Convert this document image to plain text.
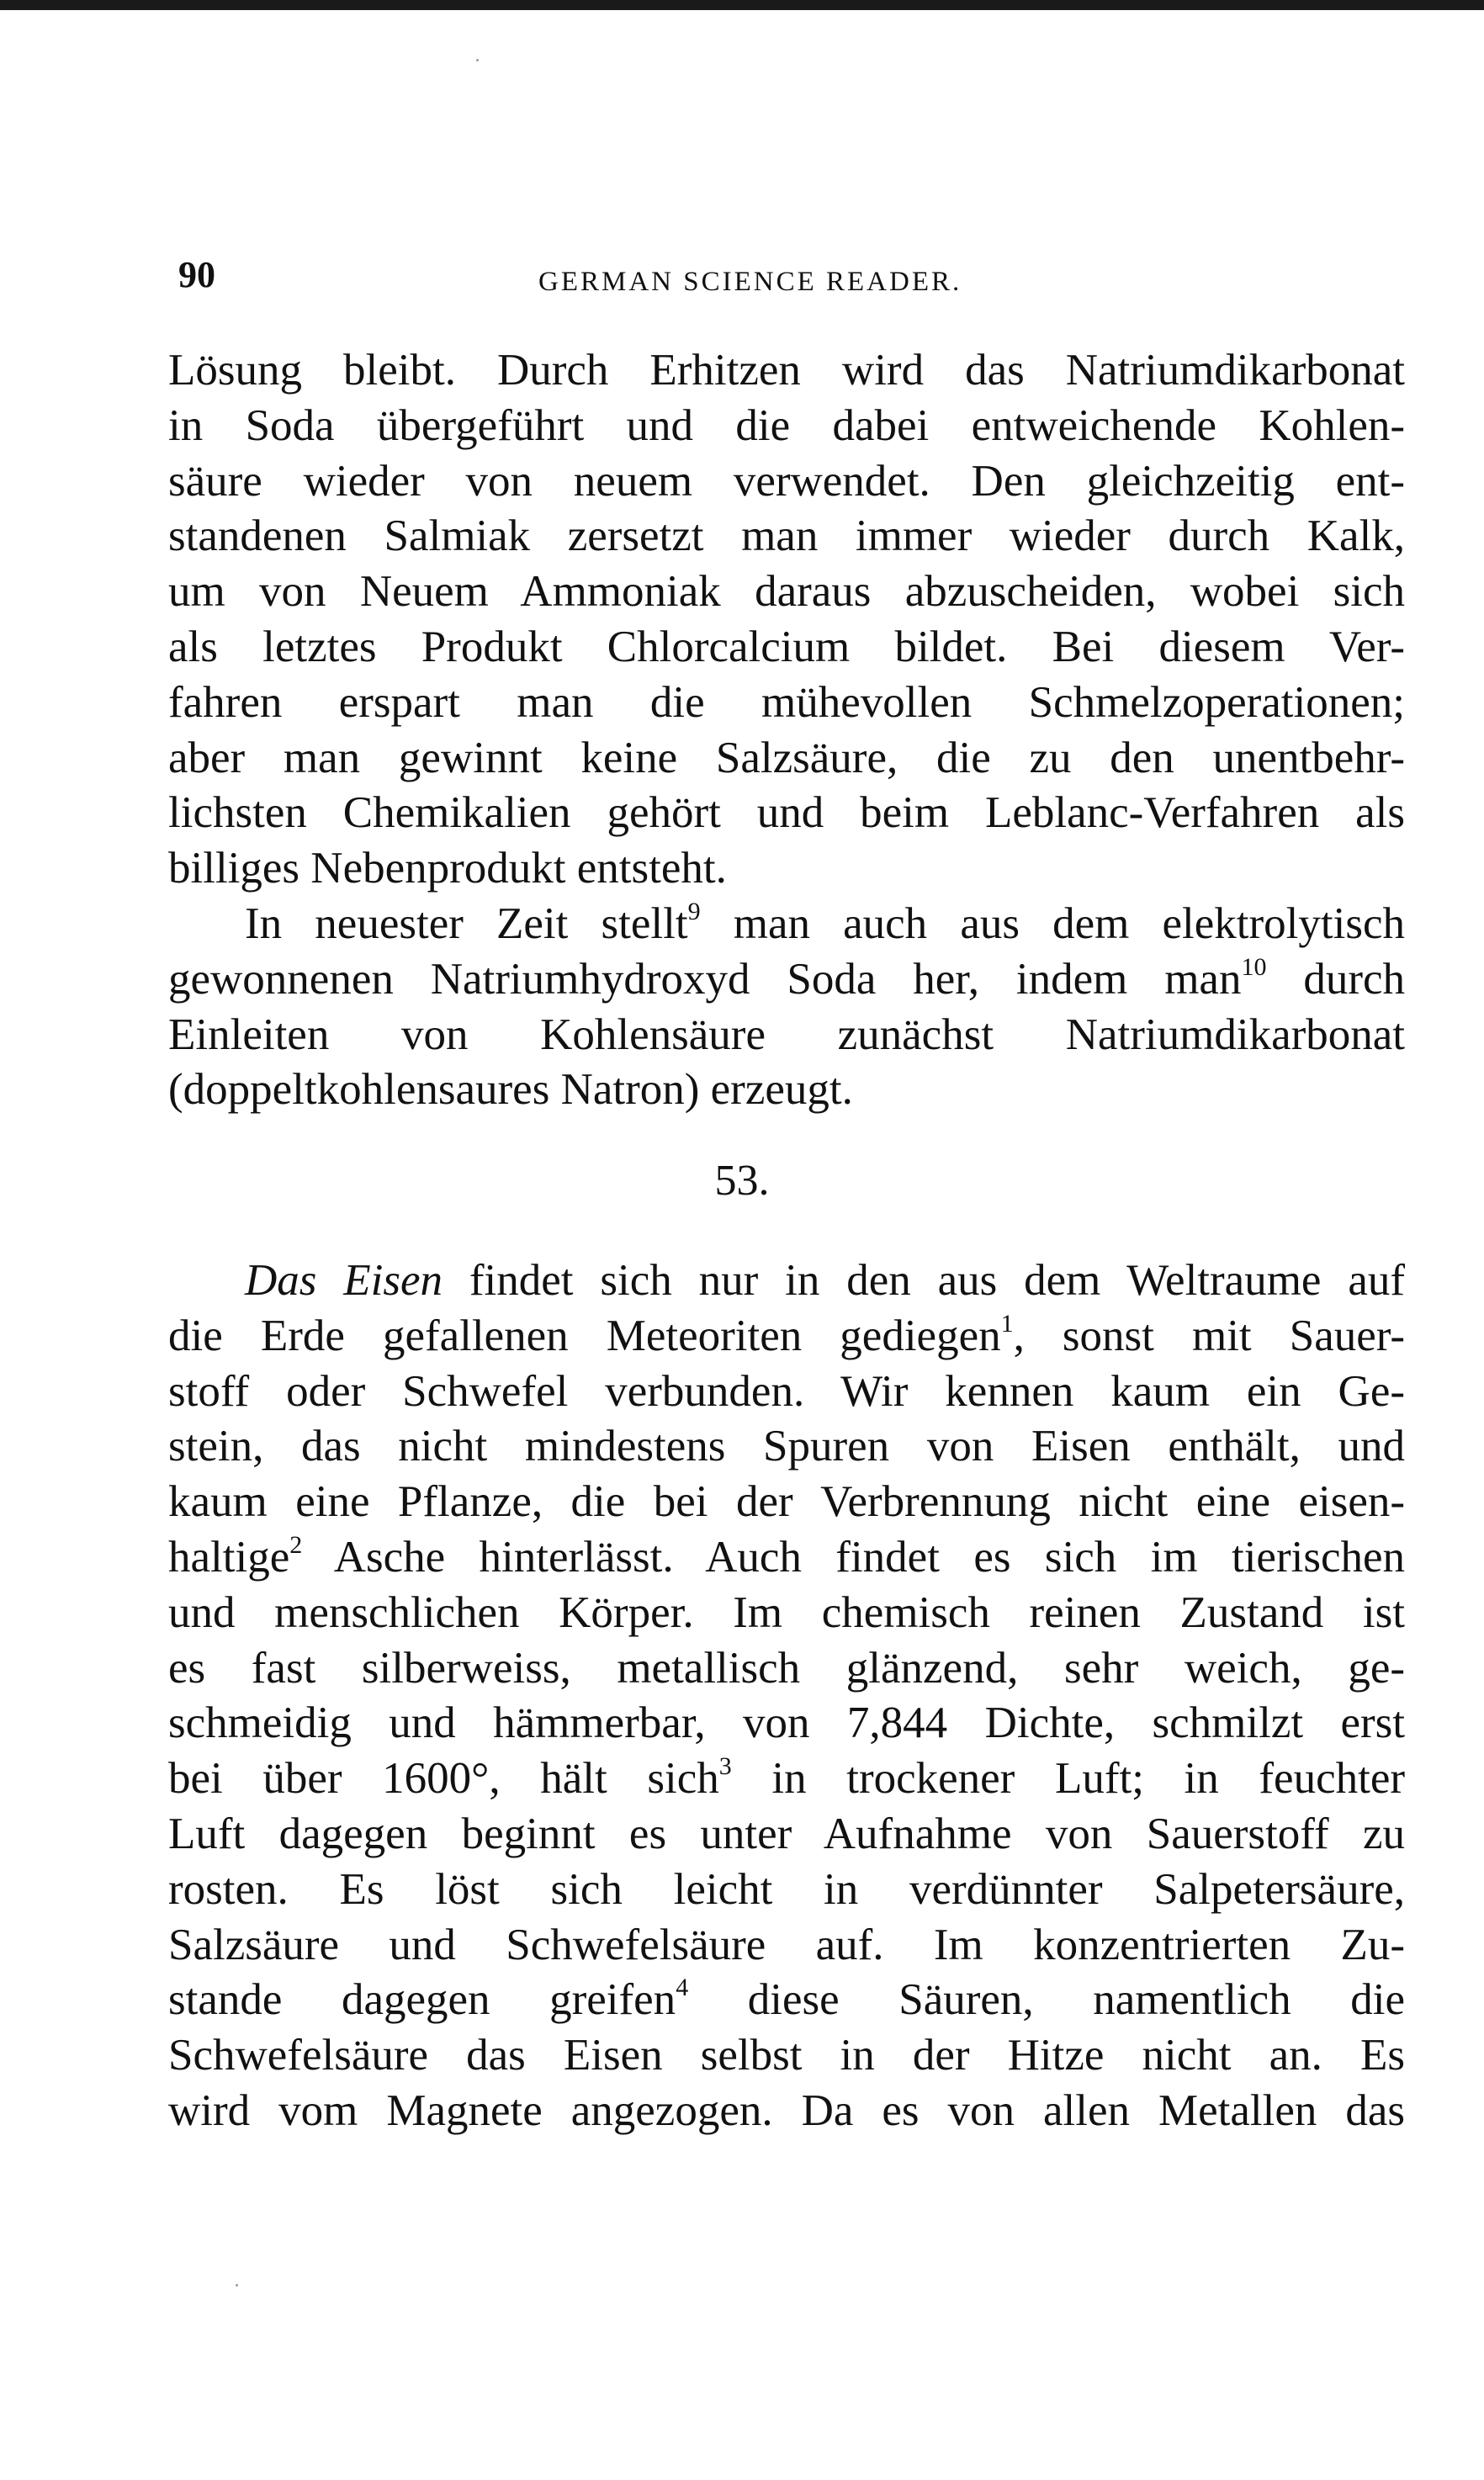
90	GERMAN SCIENCE READER.
Lösung bleibt. Durch Erhitzen wird das Natriumdikarbonat
in Soda übergeführt und die dabei entweichende Kohlen-
säure wieder von neuem verwendet. Den gleichzeitig ent-
standenen Salmiak zersetzt man immer wieder durch Kalk,
um von Neuem Ammoniak daraus abzuscheiden, wobei sich
als letztes Produkt Chlorcalcium bildet. Bei diesem Ver-
fahren erspart man die mühevollen Schmelzoperationen;
aber man gewinnt keine Salzsäure, die zu den unentbehr-
lichsten Chemikalien gehört und beim Leblanc-Verfahren als
billiges Nebenprodukt entsteht.
In neuester Zeit stellt$^9$ man auch aus dem elektrolytisch
gewonnenen Natriumhydroxyd Soda her, indem man$^{10}$ durch
Einleiten von Kohlensäure zunächst Natriumdikarbonat
(doppeltkohlensaures Natron) erzeugt.
53.
Das Eisen findet sich nur in den aus dem Weltraume auf
die Erde gefallenen Meteoriten gediegen$^1$, sonst mit Sauer-
stoff oder Schwefel verbunden. Wir kennen kaum ein Ge-
stein, das nicht mindestens Spuren von Eisen enthält, und
kaum eine Pflanze, die bei der Verbrennung nicht eine eisen-
haltige$^2$ Asche hinterlässt. Auch findet es sich im tierischen
und menschlichen Körper. Im chemisch reinen Zustand ist
es fast silberweiss, metallisch glänzend, sehr weich, ge-
schmeidig und hämmerbar, von 7,844 Dichte, schmilzt erst
bei über 1600°, hält sich$^3$ in trockener Luft; in feuchter
Luft dagegen beginnt es unter Aufnahme von Sauerstoff zu
rosten. Es löst sich leicht in verdünnter Salpetersäure,
Salzsäure und Schwefelsäure auf. Im konzentrierten Zu-
stande dagegen greifen$^4$ diese Säuren, namentlich die
Schwefelsäure das Eisen selbst in der Hitze nicht an. Es
wird vom Magnete angezogen. Da es von allen Metallen das
